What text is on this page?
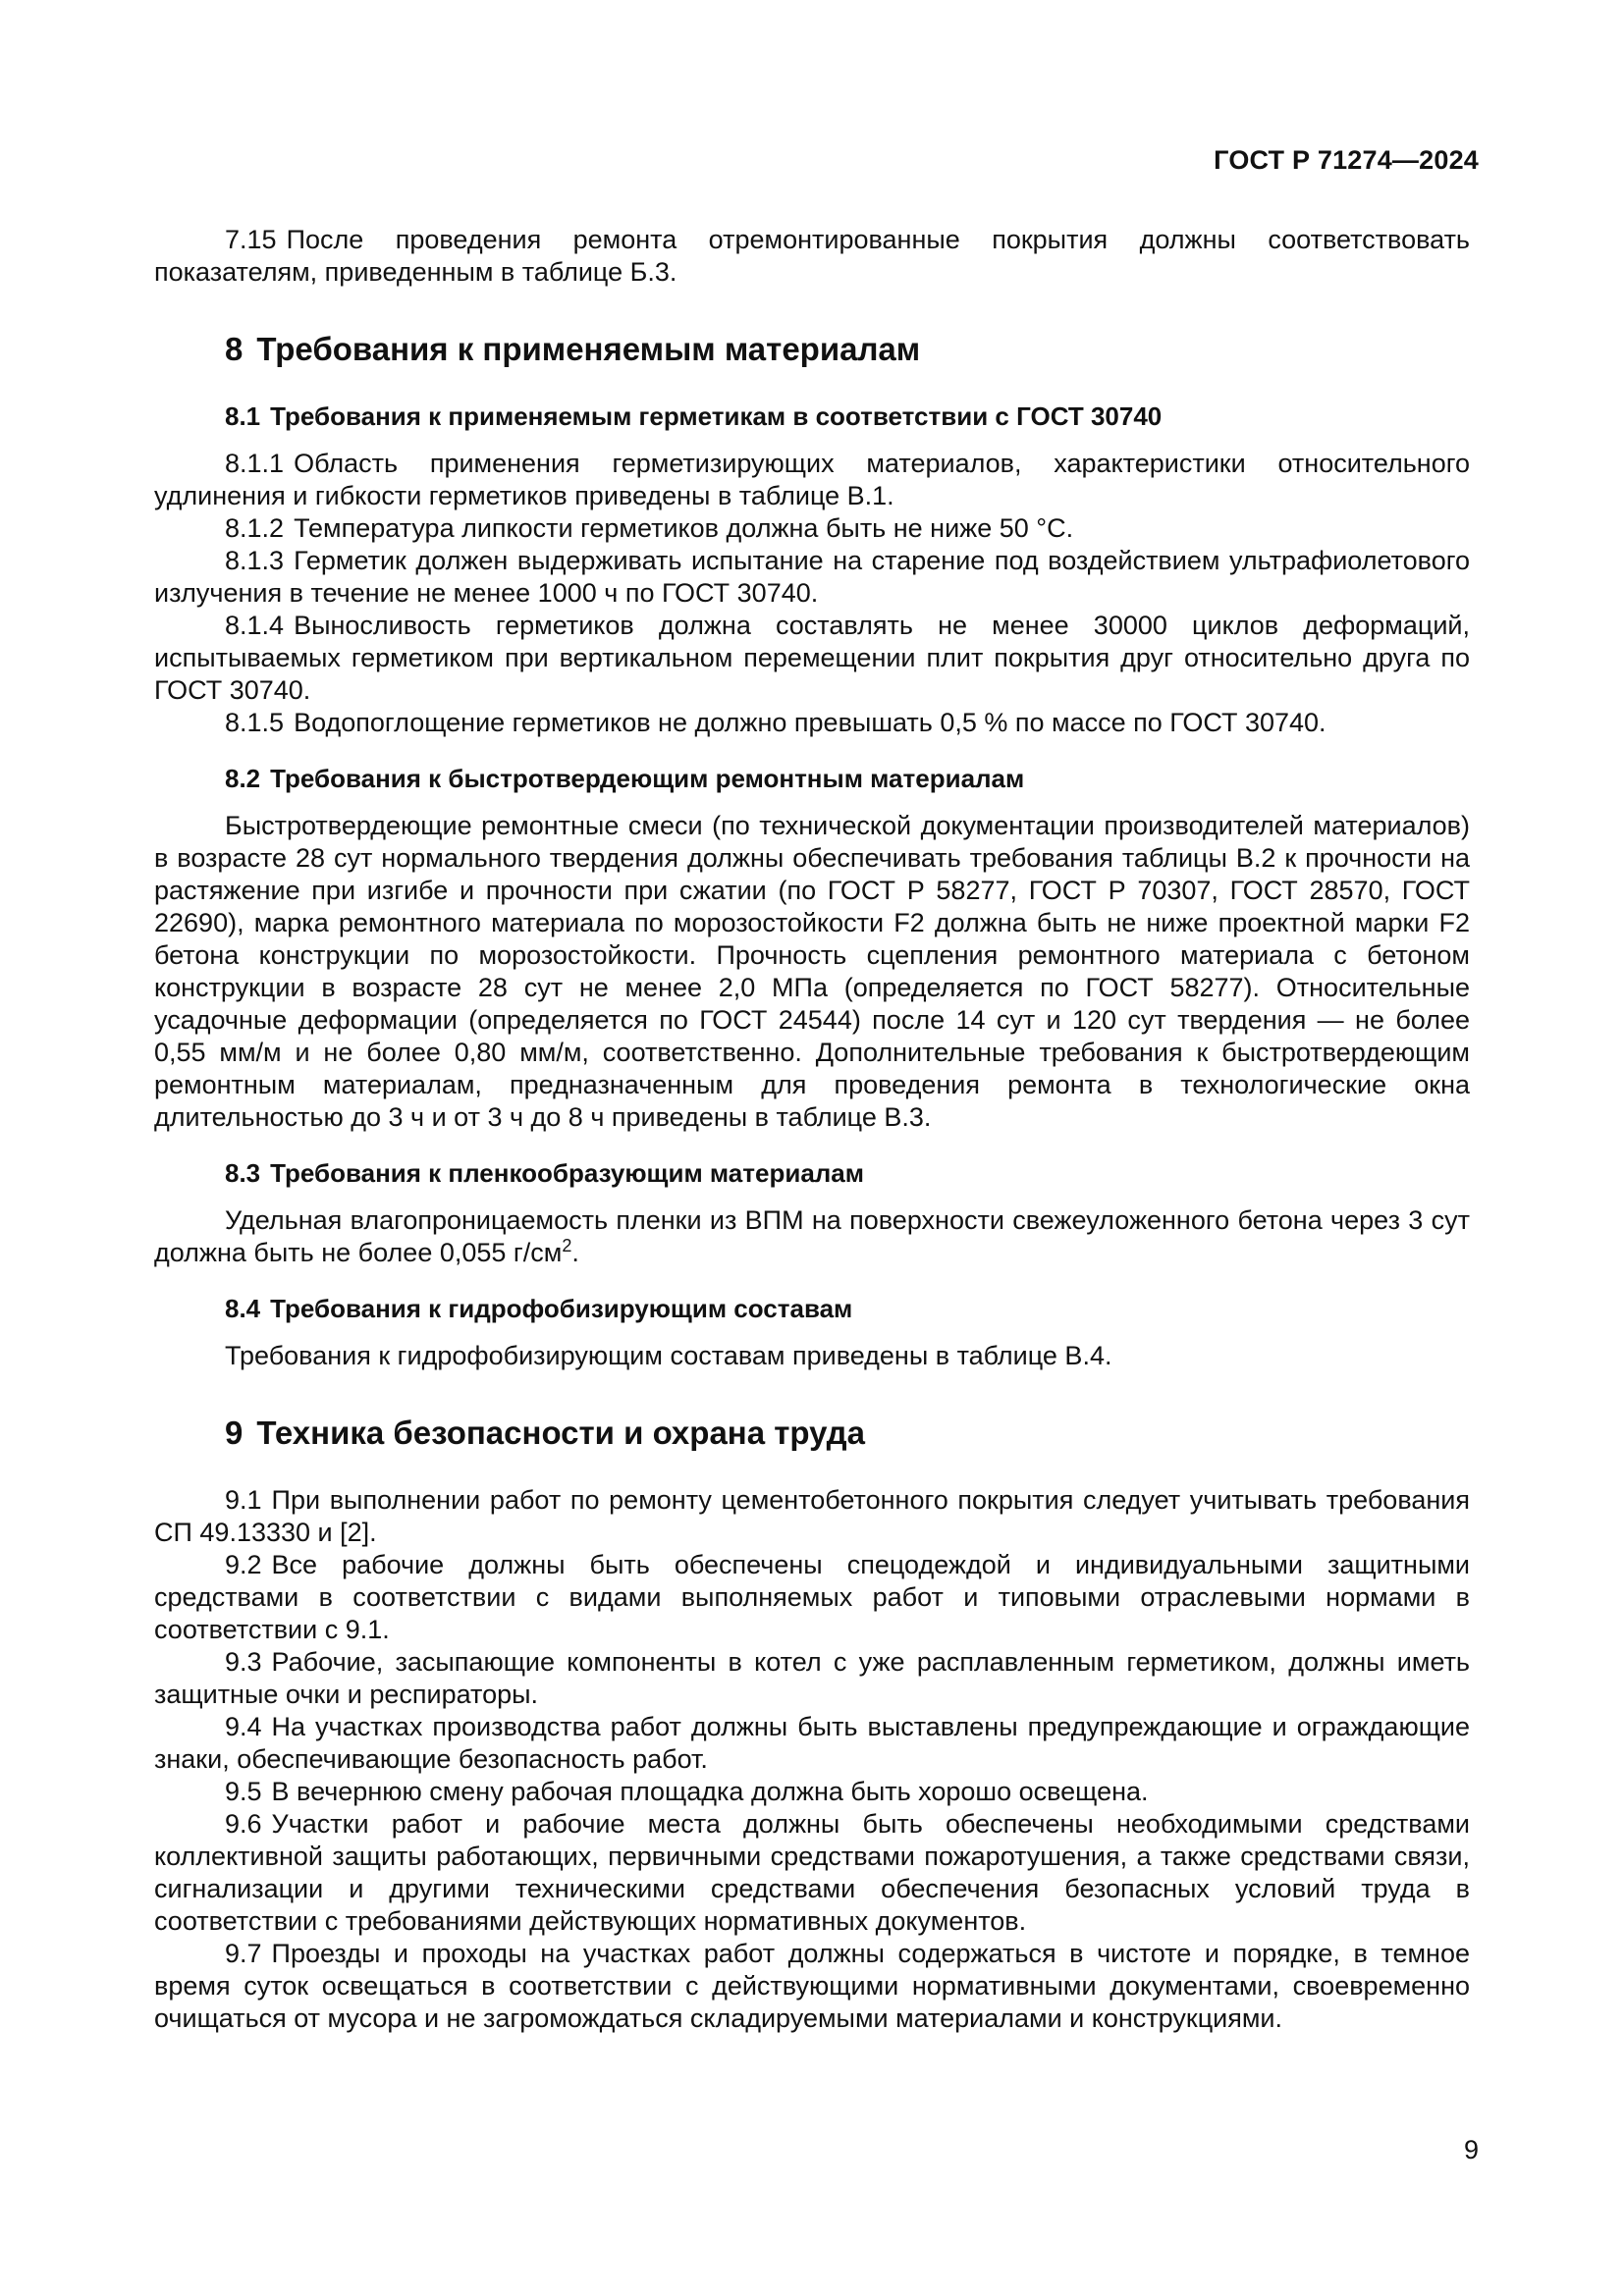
ГОСТ Р 71274—2024

7.15 После проведения ремонта отремонтированные покрытия должны соответствовать показателям, приведенным в таблице Б.3.

8 Требования к применяемым материалам
8.1 Требования к применяемым герметикам в соответствии с ГОСТ 30740

8.1.1 Область применения герметизирующих материалов, характеристики относительного удлинения и гибкости герметиков приведены в таблице В.1.

8.1.2 Температура липкости герметиков должна быть не ниже 50 °С.

8.1.3 Герметик должен выдерживать испытание на старение под воздействием ультрафиолетового излучения в течение не менее 1000 ч по ГОСТ 30740.

8.1.4 Выносливость герметиков должна составлять не менее 30000 циклов деформаций, испытываемых герметиком при вертикальном перемещении плит покрытия друг относительно друга по ГОСТ 30740.

8.1.5 Водопоглощение герметиков не должно превышать 0,5 % по массе по ГОСТ 30740.

8.2 Требования к быстротвердеющим ремонтным материалам

Быстротвердеющие ремонтные смеси (по технической документации производителей материалов) в возрасте 28 сут нормального твердения должны обеспечивать требования таблицы В.2 к прочности на растяжение при изгибе и прочности при сжатии (по ГОСТ Р 58277, ГОСТ Р 70307, ГОСТ 28570, ГОСТ 22690), марка ремонтного материала по морозостойкости F2 должна быть не ниже проектной марки F2 бетона конструкции по морозостойкости. Прочность сцепления ремонтного материала с бетоном конструкции в возрасте 28 сут не менее 2,0 МПа (определяется по ГОСТ 58277). Относительные усадочные деформации (определяется по ГОСТ 24544) после 14 сут и 120 сут твердения — не более 0,55 мм/м и не более 0,80 мм/м, соответственно. Дополнительные требования к быстротвердеющим ремонтным материалам, предназначенным для проведения ремонта в технологические окна длительностью до 3 ч и от 3 ч до 8 ч приведены в таблице В.3.

8.3 Требования к пленкообразующим материалам

Удельная влагопроницаемость пленки из ВПМ на поверхности свежеуложенного бетона через 3 сут должна быть не более 0,055 $г/см^2$.

8.4 Требования к гидрофобизирующим составам

Требования к гидрофобизирующим составам приведены в таблице В.4.

9 Техника безопасности и охрана труда

9.1 При выполнении работ по ремонту цементобетонного покрытия следует учитывать требования СП 49.13330 и [2].

9.2 Все рабочие должны быть обеспечены спецодеждой и индивидуальными защитными средствами в соответствии с видами выполняемых работ и типовыми отраслевыми нормами в соответствии с 9.1.

9.3 Рабочие, засыпающие компоненты в котел с уже расплавленным герметиком, должны иметь защитные очки и респираторы.

9.4 На участках производства работ должны быть выставлены предупреждающие и ограждающие знаки, обеспечивающие безопасность работ.

9.5 В вечернюю смену рабочая площадка должна быть хорошо освещена.

9.6 Участки работ и рабочие места должны быть обеспечены необходимыми средствами коллективной защиты работающих, первичными средствами пожаротушения, а также средствами связи, сигнализации и другими техническими средствами обеспечения безопасных условий труда в соответствии с требованиями действующих нормативных документов.

9.7 Проезды и проходы на участках работ должны содержаться в чистоте и порядке, в темное время суток освещаться в соответствии с действующими нормативными документами, своевременно очищаться от мусора и не загромождаться складируемыми материалами и конструкциями.

9
